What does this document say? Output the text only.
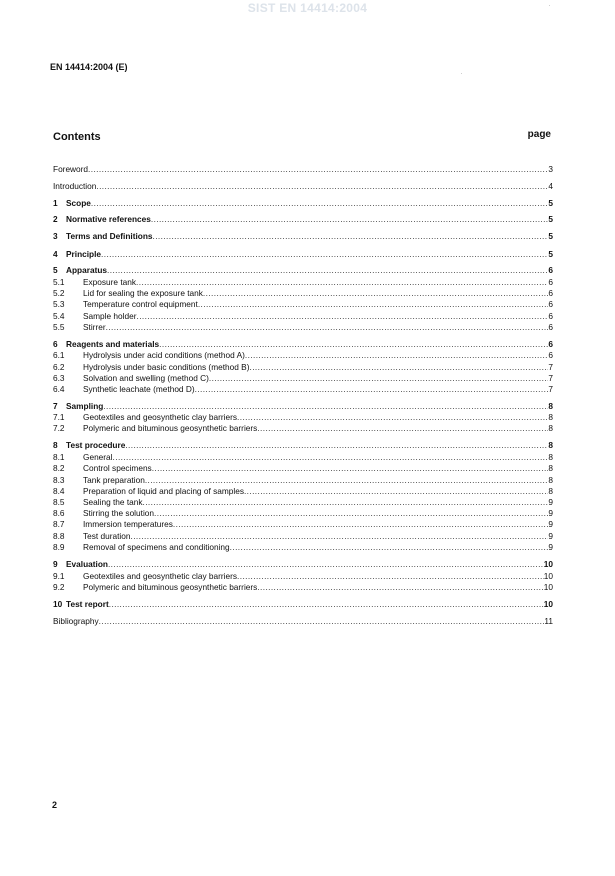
SIST EN 14414:2004
EN 14414:2004 (E)
Contents	page
Foreword .....	3
Introduction .....	4
1	Scope .....	5
2	Normative references .....	5
3	Terms and Definitions .....	5
4	Principle .....	5
5	Apparatus .....	6
5.1	Exposure tank .....	6
5.2	Lid for sealing the exposure tank .....	6
5.3	Temperature control equipment .....	6
5.4	Sample holder .....	6
5.5	Stirrer .....	6
6	Reagents and materials .....	6
6.1	Hydrolysis under acid conditions (method A) .....	6
6.2	Hydrolysis under basic conditions (method B) .....	7
6.3	Solvation and swelling (method C) .....	7
6.4	Synthetic leachate (method D) .....	7
7	Sampling .....	8
7.1	Geotextiles and geosynthetic clay barriers .....	8
7.2	Polymeric and bituminous geosynthetic barriers .....	8
8	Test procedure .....	8
8.1	General .....	8
8.2	Control specimens .....	8
8.3	Tank preparation .....	8
8.4	Preparation of liquid and placing of samples .....	8
8.5	Sealing the tank .....	9
8.6	Stirring the solution .....	9
8.7	Immersion temperatures .....	9
8.8	Test duration .....	9
8.9	Removal of specimens and conditioning .....	9
9	Evaluation .....	10
9.1	Geotextiles and geosynthetic clay barriers .....	10
9.2	Polymeric and bituminous geosynthetic barriers .....	10
10 Test report .....	10
Bibliography .....	11
2
